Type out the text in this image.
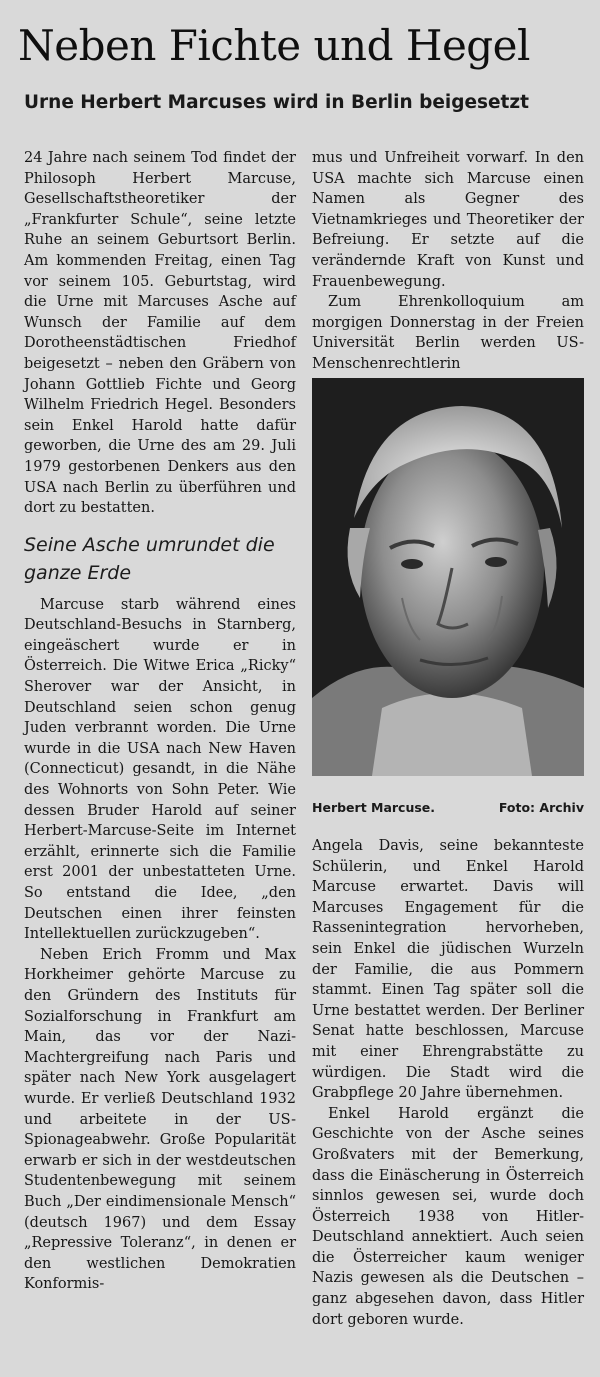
Neben Fichte und Hegel
Urne Herbert Marcuses wird in Berlin beigesetzt

24 Jahre nach seinem Tod findet der Philosoph Herbert Marcuse, Gesellschaftstheoretiker der „Frankfurter Schule“, seine letzte Ruhe an seinem Geburtsort Berlin. Am kommenden Freitag, einen Tag vor seinem 105. Geburtstag, wird die Urne mit Marcuses Asche auf Wunsch der Familie auf dem Dorotheenstädtischen Friedhof beigesetzt – neben den Gräbern von Johann Gottlieb Fichte und Georg Wilhelm Friedrich Hegel. Besonders sein Enkel Harold hatte dafür geworben, die Urne des am 29. Juli 1979 gestorbenen Denkers aus den USA nach Berlin zu überführen und dort zu bestatten.

Seine Asche umrundet die ganze Erde

Marcuse starb während eines Deutschland-Besuchs in Starnberg, eingeäschert wurde er in Österreich. Die Witwe Erica „Ricky“ Sherover war der Ansicht, in Deutschland seien schon genug Juden verbrannt worden. Die Urne wurde in die USA nach New Haven (Connecticut) gesandt, in die Nähe des Wohnorts von Sohn Peter. Wie dessen Bruder Harold auf seiner Herbert-Marcuse-Seite im Internet erzählt, erinnerte sich die Familie erst 2001 der unbestatteten Urne. So entstand die Idee, „den Deutschen einen ihrer feinsten Intellektuellen zurückzugeben“.

Neben Erich Fromm und Max Horkheimer gehörte Marcuse zu den Gründern des Instituts für Sozialforschung in Frankfurt am Main, das vor der Nazi-Machtergreifung nach Paris und später nach New York ausgelagert wurde. Er verließ Deutschland 1932 und arbeitete in der US-Spionageabwehr. Große Popularität erwarb er sich in der westdeutschen Studentenbewegung mit seinem Buch „Der eindimensionale Mensch“ (deutsch 1967) und dem Essay „Repressive Toleranz“, in denen er den westlichen Demokratien Konformis-

mus und Unfreiheit vorwarf. In den USA machte sich Marcuse einen Namen als Gegner des Vietnamkrieges und Theoretiker der Befreiung. Er setzte auf die verändernde Kraft von Kunst und Frauenbewegung.

Zum Ehrenkolloquium am morgigen Donnerstag in der Freien Universität Berlin werden US-Menschenrechtlerin

Herbert Marcuse.	Foto: Archiv

Angela Davis, seine bekannteste Schülerin, und Enkel Harold Marcuse erwartet. Davis will Marcuses Engagement für die Rassenintegration hervorheben, sein Enkel die jüdischen Wurzeln der Familie, die aus Pommern stammt. Einen Tag später soll die Urne bestattet werden. Der Berliner Senat hatte beschlossen, Marcuse mit einer Ehrengrabstätte zu würdigen. Die Stadt wird die Grabpflege 20 Jahre übernehmen.

Enkel Harold ergänzt die Geschichte von der Asche seines Großvaters mit der Bemerkung, dass die Einäscherung in Österreich sinnlos gewesen sei, wurde doch Österreich 1938 von Hitler-Deutschland annektiert. Auch seien die Österreicher kaum weniger Nazis gewesen als die Deutschen – ganz abgesehen davon, dass Hitler dort geboren wurde.
